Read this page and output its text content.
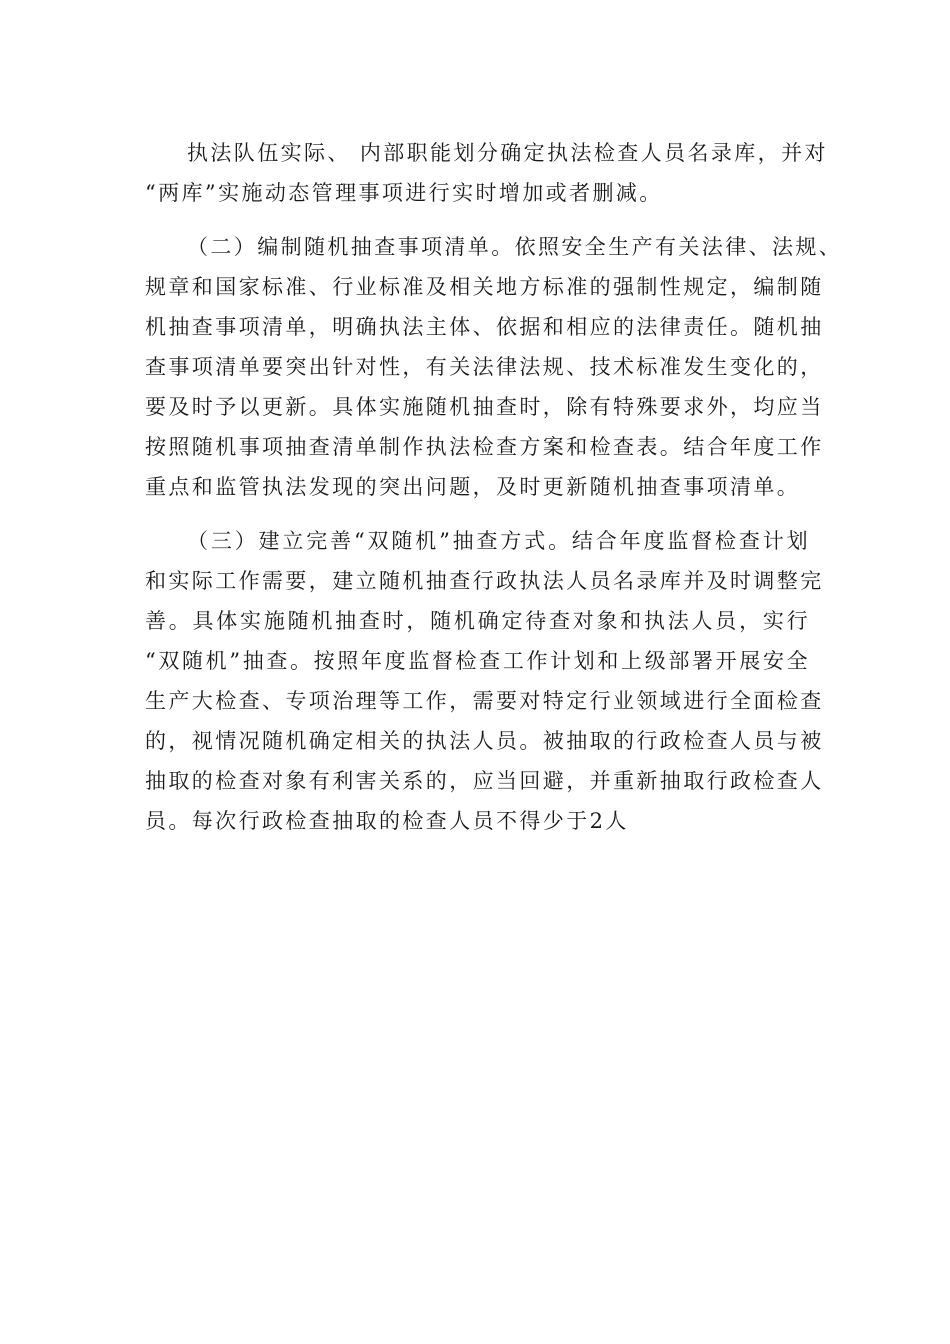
执法队伍实际、 内部职能划分确定执法检查人员名录库，并对
“两库”实施动态管理事项进行实时增加或者删减。
（二）编制随机抽查事项清单。依照安全生产有关法律、法规、
规章和国家标准、行业标准及相关地方标准的强制性规定，编制随
机抽查事项清单，明确执法主体、依据和相应的法律责任。随机抽
查事项清单要突出针对性，有关法律法规、技术标准发生变化的，
要及时予以更新。具体实施随机抽查时，除有特殊要求外，均应当
按照随机事项抽查清单制作执法检查方案和检查表。结合年度工作
重点和监管执法发现的突出问题，及时更新随机抽查事项清单。
（三）建立完善“双随机”抽查方式。结合年度监督检查计划
和实际工作需要，建立随机抽查行政执法人员名录库并及时调整完
善。具体实施随机抽查时，随机确定待查对象和执法人员，实行
“双随机”抽查。按照年度监督检查工作计划和上级部署开展安全
生产大检查、专项治理等工作，需要对特定行业领域进行全面检查
的，视情况随机确定相关的执法人员。被抽取的行政检查人员与被
抽取的检查对象有利害关系的，应当回避，并重新抽取行政检查人
员。每次行政检查抽取的检查人员不得少于2人
